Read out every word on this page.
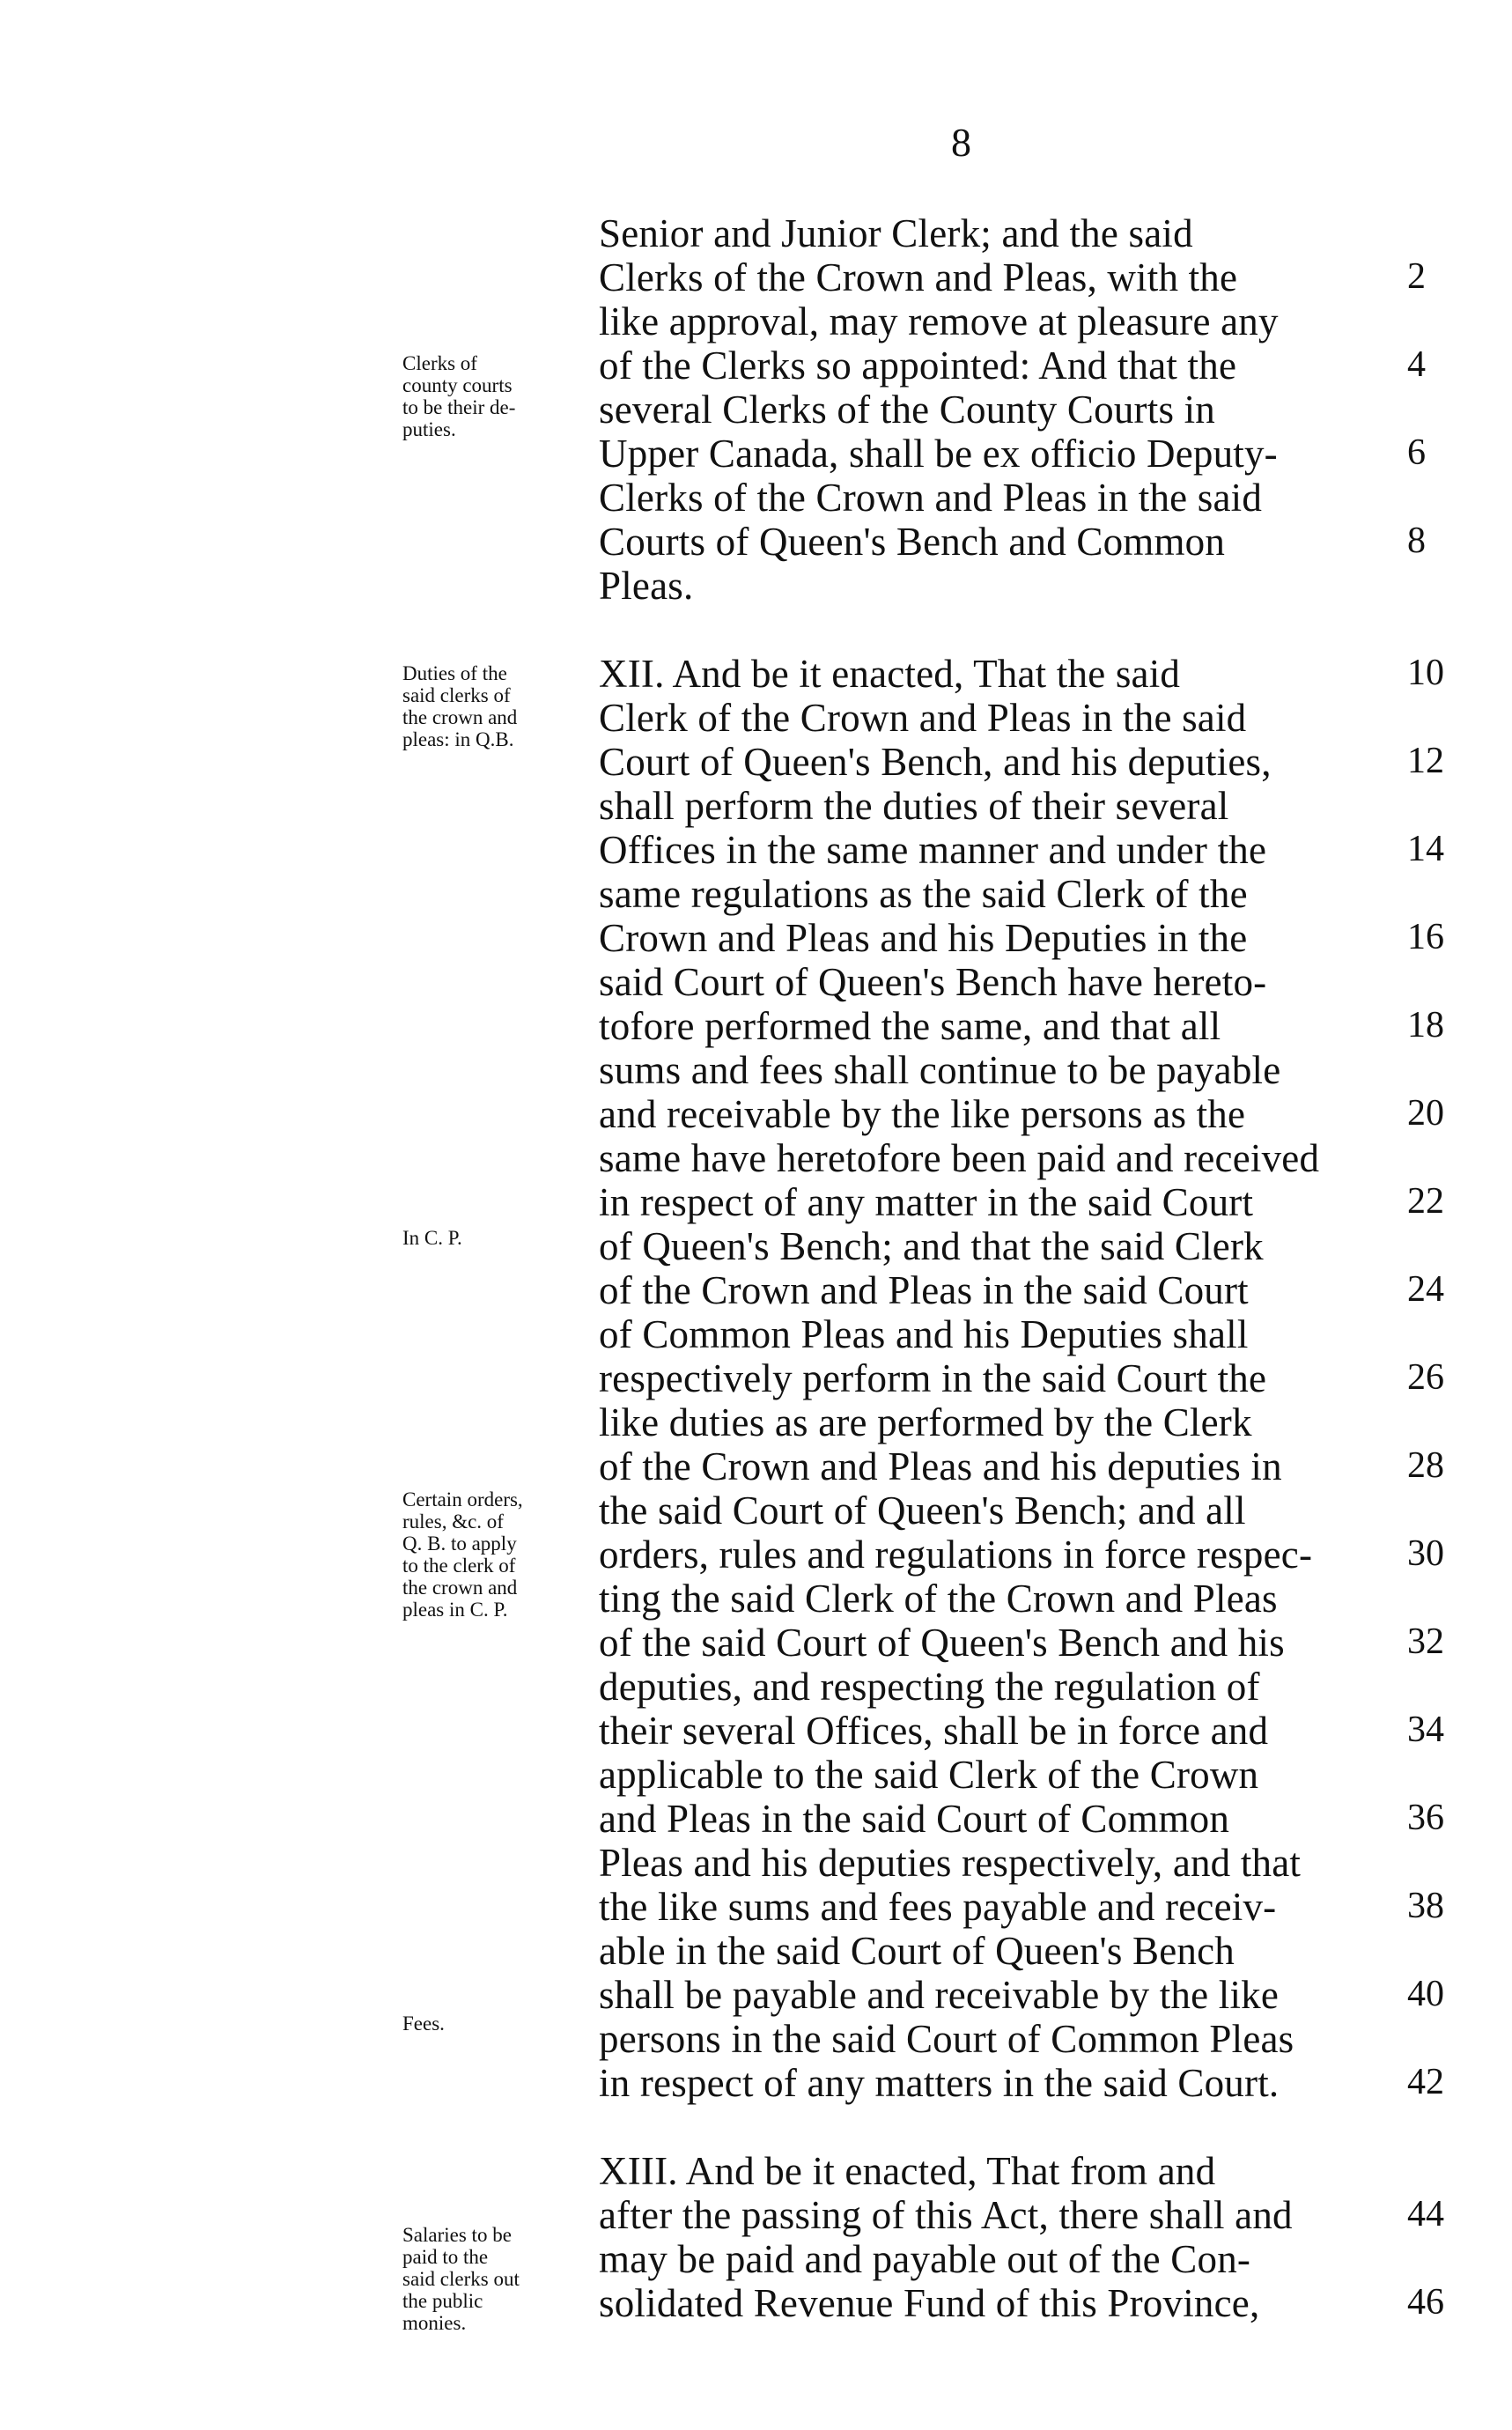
8
Senior and Junior Clerk; and the said
Clerks of the Crown and Pleas, with the
like approval, may remove at pleasure any
of the Clerks so appointed: And that the
several Clerks of the County Courts in
Upper Canada, shall be ex officio Deputy-
Clerks of the Crown and Pleas in the said
Courts of Queen's Bench and Common
Pleas.
XII. And be it enacted, That the said
Clerk of the Crown and Pleas in the said
Court of Queen's Bench, and his deputies,
shall perform the duties of their several
Offices in the same manner and under the
same regulations as the said Clerk of the
Crown and Pleas and his Deputies in the
said Court of Queen's Bench have hereto-
tofore performed the same, and that all
sums and fees shall continue to be payable
and receivable by the like persons as the
same have heretofore been paid and received
in respect of any matter in the said Court
of Queen's Bench; and that the said Clerk
of the Crown and Pleas in the said Court
of Common Pleas and his Deputies shall
respectively perform in the said Court the
like duties as are performed by the Clerk
of the Crown and Pleas and his deputies in
the said Court of Queen's Bench; and all
orders, rules and regulations in force respec-
ting the said Clerk of the Crown and Pleas
of the said Court of Queen's Bench and his
deputies, and respecting the regulation of
their several Offices, shall be in force and
applicable to the said Clerk of the Crown
and Pleas in the said Court of Common
Pleas and his deputies respectively, and that
the like sums and fees payable and receiv-
able in the said Court of Queen's Bench
shall be payable and receivable by the like
persons in the said Court of Common Pleas
in respect of any matters in the said Court.
XIII. And be it enacted, That from and
after the passing of this Act, there shall and
may be paid and payable out of the Con-
solidated Revenue Fund of this Province,
2
4
6
8
10
12
14
16
18
20
22
24
26
28
30
32
34
36
38
40
42
44
46
Clerks of
county courts
to be their de-
puties.
Duties of the
said clerks of
the crown and
pleas: in Q.B.
In C. P.
Certain orders,
rules, &c. of
Q. B. to apply
to the clerk of
the crown and
pleas in C. P.
Fees.
Salaries to be
paid to the
said clerks out
the public
monies.
